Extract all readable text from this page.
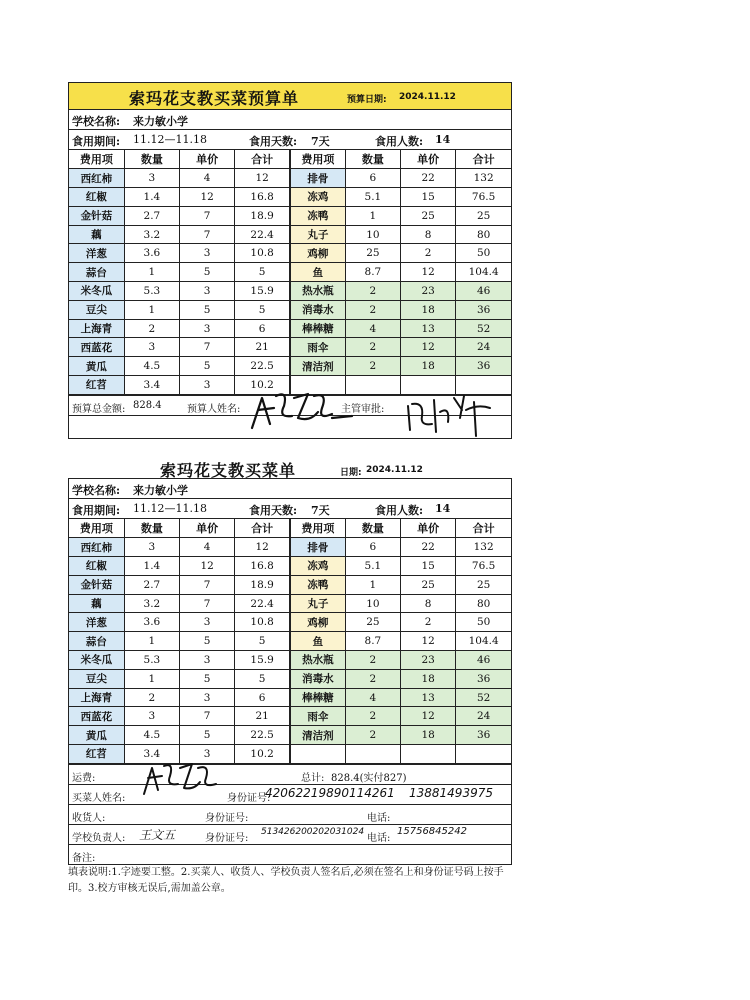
索玛花支教买菜预算单	预算日期: 2024.11.12
学校名称: 来力敏小学
食用期间: 11.12—11.18	食用天数: 7天	食用人数: 14
费用项	数量	单价	合计	费用项	数量	单价	合计
西红柿	3	4	12	排骨	6	22	132
红椒	1.4	12	16.8	冻鸡	5.1	15	76.5
金针菇	2.7	7	18.9	冻鸭	1	25	25
藕	3.2	7	22.4	丸子	10	8	80
洋葱	3.6	3	10.8	鸡柳	25	2	50
蒜台	1	5	5	鱼	8.7	12	104.4
米冬瓜	5.3	3	15.9	热水瓶	2	23	46
豆尖	1	5	5	消毒水	2	18	36
上海青	2	3	6	棒棒糖	4	13	52
西蓝花	3	7	21	雨伞	2	12	24
黄瓜	4.5	5	22.5	清洁剂	2	18	36
红苕	3.4	3	10.2				
预算总金额: 828.4	预算人姓名:	主管审批:
索玛花支教买菜单	日期: 2024.11.12
学校名称: 来力敏小学
食用期间: 11.12—11.18	食用天数: 7天	食用人数: 14
费用项	数量	单价	合计	费用项	数量	单价	合计
西红柿	3	4	12	排骨	6	22	132
红椒	1.4	12	16.8	冻鸡	5.1	15	76.5
金针菇	2.7	7	18.9	冻鸭	1	25	25
藕	3.2	7	22.4	丸子	10	8	80
洋葱	3.6	3	10.8	鸡柳	25	2	50
蒜台	1	5	5	鱼	8.7	12	104.4
米冬瓜	5.3	3	15.9	热水瓶	2	23	46
豆尖	1	5	5	消毒水	2	18	36
上海青	2	3	6	棒棒糖	4	13	52
西蓝花	3	7	21	雨伞	2	12	24
黄瓜	4.5	5	22.5	清洁剂	2	18	36
红苕	3.4	3	10.2				
运费:	总计: 828.4(实付827)
买菜人姓名:	身份证号:
42062219890114261 13881493975
收货人:	身份证号:	电话:
学校负责人: 王文五	身份证号:
513426200202031024
电话:
15756845242
备注:
填表说明:1.字迹要工整。2.买菜人、收货人、学校负责人签名后,必须在签名上和身份证号码上按手印。3.校方审核无误后,需加盖公章。
